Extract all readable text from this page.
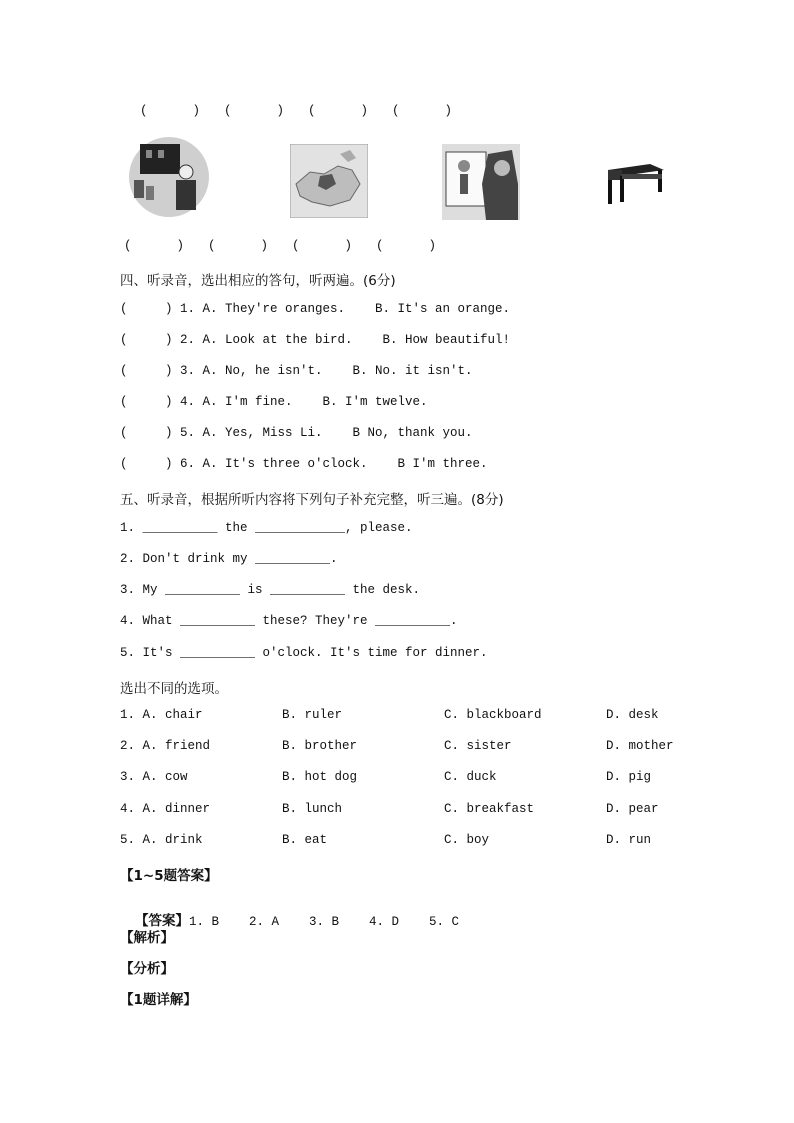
(      ) (      ) (      ) (      )
(      ) (      ) (      ) (      )
四、听录音，选出相应的答句，听两遍。(6分)
(     ) 1. A. They're oranges.    B. It's an orange.
(     ) 2. A. Look at the bird.    B. How beautiful!
(     ) 3. A. No, he isn't.    B. No. it isn't.
(     ) 4. A. I'm fine.    B. I'm twelve.
(     ) 5. A. Yes, Miss Li.    B No, thank you.
(     ) 6. A. It's three o'clock.    B I'm three.
五、听录音，根据所听内容将下列句子补充完整，听三遍。(8分)
1. __________ the ____________, please.
2. Don't drink my __________.
3. My __________ is __________ the desk.
4. What __________ these? They're __________.
5. It's __________ o'clock. It's time for dinner.
选出不同的选项。
1. A. chair	B. ruler	C. blackboard	D. desk
2. A. friend	B. brother	C. sister	D. mother
3. A. cow	B. hot dog	C. duck	D. pig
4. A. dinner	B. lunch	C. breakfast	D. pear
5. A. drink	B. eat	C. boy	D. run
【1~5题答案】

【答案】1. B    2. A    3. B    4. D    5. C

【解析】
【分析】
【1题详解】
